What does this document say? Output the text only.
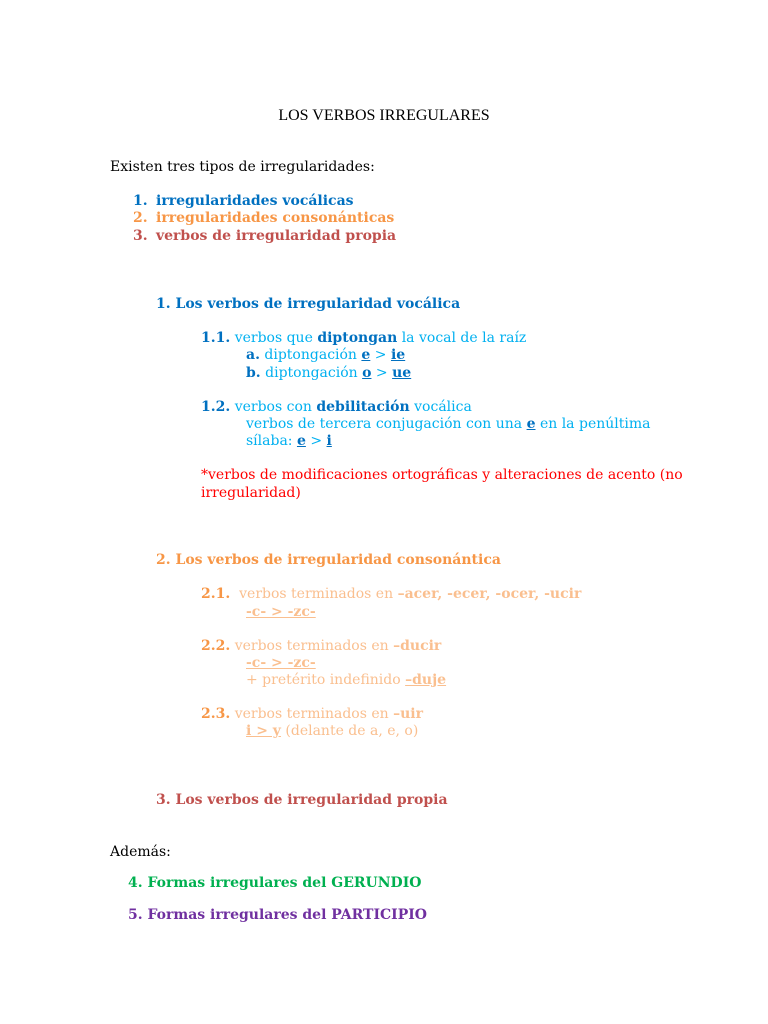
LOS VERBOS IRREGULARES
Existen tres tipos de irregularidades:
1. irregularidades vocálicas
2. irregularidades consonánticas
3. verbos de irregularidad propia
1. Los verbos de irregularidad vocálica
1.1. verbos que diptongan la vocal de la raíz
a. diptongación e > ie
b. diptongación o > ue
1.2. verbos con debilitación vocálica
verbos de tercera conjugación con una e en la penúltima
sílaba: e > i
*verbos de modificaciones ortográficas y alteraciones de acento (no
irregularidad)
2. Los verbos de irregularidad consonántica
2.1. verbos terminados en –acer, -ecer, -ocer, -ucir
-c- > -zc-
2.2. verbos terminados en –ducir
-c- > -zc-
+ pretérito indefinido –duje
2.3. verbos terminados en –uir
i > y (delante de a, e, o)
3. Los verbos de irregularidad propia
Además:
4. Formas irregulares del GERUNDIO
5. Formas irregulares del PARTICIPIO
